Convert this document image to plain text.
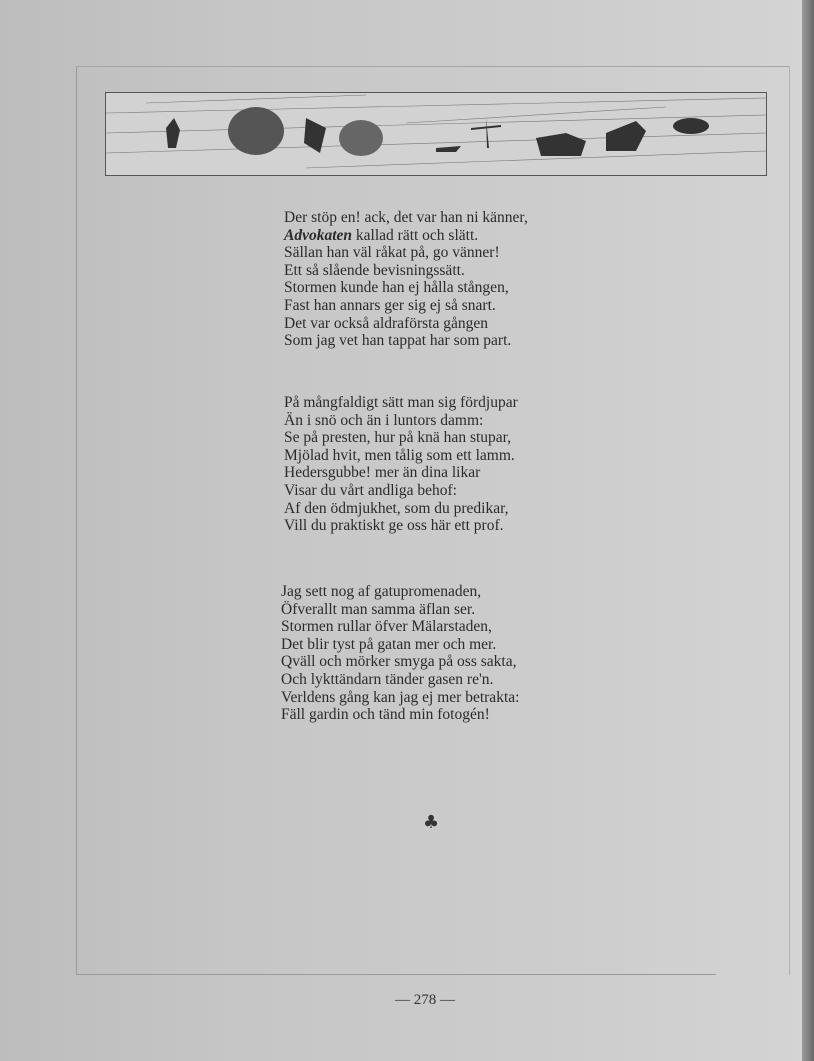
Der stöp en! ack, det var han ni känner,
Advokaten kallad rätt och slätt.
Sällan han väl råkat på, go vänner!
Ett så slående bevisningssätt.
Stormen kunde han ej hålla stången,
Fast han annars ger sig ej så snart.
Det var också aldraförsta gången
Som jag vet han tappat har som part.
På mångfaldigt sätt man sig fördjupar
Än i snö och än i luntors damm:
Se på presten, hur på knä han stupar,
Mjölad hvit, men tålig som ett lamm.
Hedersgubbe! mer än dina likar
Visar du vårt andliga behof:
Af den ödmjukhet, som du predikar,
Vill du praktiskt ge oss här ett prof.
Jag sett nog af gatupromenaden,
Öfverallt man samma äflan ser.
Stormen rullar öfver Mälarstaden,
Det blir tyst på gatan mer och mer.
Qväll och mörker smyga på oss sakta,
Och lykttändarn tänder gasen re'n.
Verldens gång kan jag ej mer betrakta:
Fäll gardin och tänd min fotogén!
♣
— 278 —
